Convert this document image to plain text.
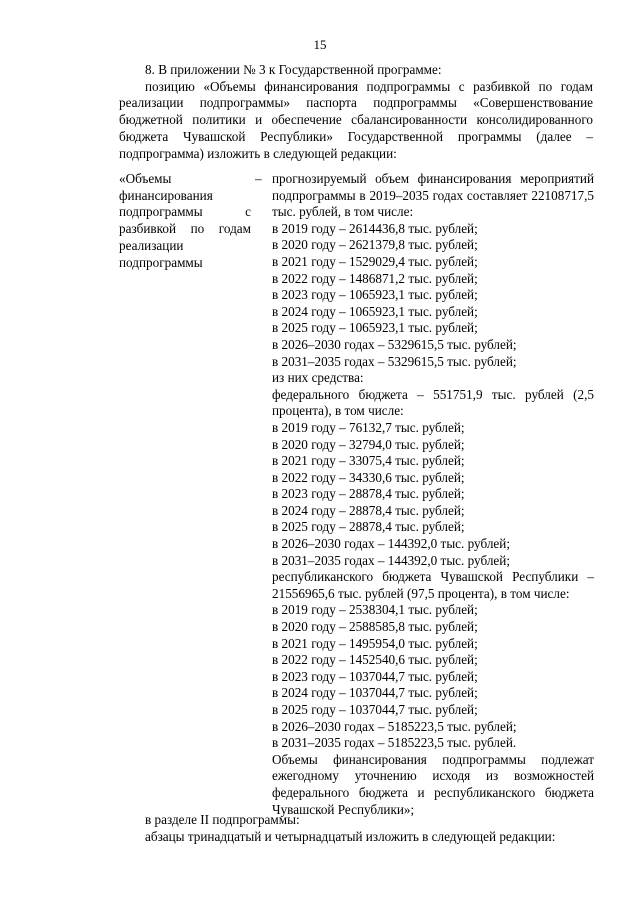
15

8. В приложении № 3 к Государственной программе:

позицию «Объемы финансирования подпрограммы с разбивкой по годам реализации подпрограммы» паспорта подпрограммы «Совершенствование бюджетной политики и обеспечение сбалансированности консолидированного бюджета Чувашской Республики» Государственной программы (далее – подпрограмма) изложить в следующей редакции:

«Объемы финансирования подпрограммы с разбивкой по годам реализации подпрограммы
– прогнозируемый объем финансирования мероприятий подпрограммы в 2019–2035 годах составляет 22108717,5 тыс. рублей, в том числе:
в 2019 году – 2614436,8 тыс. рублей;
в 2020 году – 2621379,8 тыс. рублей;
в 2021 году – 1529029,4 тыс. рублей;
в 2022 году – 1486871,2 тыс. рублей;
в 2023 году – 1065923,1 тыс. рублей;
в 2024 году – 1065923,1 тыс. рублей;
в 2025 году – 1065923,1 тыс. рублей;
в 2026–2030 годах – 5329615,5 тыс. рублей;
в 2031–2035 годах – 5329615,5 тыс. рублей;
из них средства:
федерального бюджета – 551751,9 тыс. рублей (2,5 процента), в том числе:
в 2019 году – 76132,7 тыс. рублей;
в 2020 году – 32794,0 тыс. рублей;
в 2021 году – 33075,4 тыс. рублей;
в 2022 году – 34330,6 тыс. рублей;
в 2023 году – 28878,4 тыс. рублей;
в 2024 году – 28878,4 тыс. рублей;
в 2025 году – 28878,4 тыс. рублей;
в 2026–2030 годах – 144392,0 тыс. рублей;
в 2031–2035 годах – 144392,0 тыс. рублей;
республиканского бюджета Чувашской Республики – 21556965,6 тыс. рублей (97,5 процента), в том числе:
в 2019 году – 2538304,1 тыс. рублей;
в 2020 году – 2588585,8 тыс. рублей;
в 2021 году – 1495954,0 тыс. рублей;
в 2022 году – 1452540,6 тыс. рублей;
в 2023 году – 1037044,7 тыс. рублей;
в 2024 году – 1037044,7 тыс. рублей;
в 2025 году – 1037044,7 тыс. рублей;
в 2026–2030 годах – 5185223,5 тыс. рублей;
в 2031–2035 годах – 5185223,5 тыс. рублей.
Объемы финансирования подпрограммы подлежат ежегодному уточнению исходя из возможностей федерального бюджета и республиканского бюджета Чувашской Республики»;

в разделе II подпрограммы:

абзацы тринадцатый и четырнадцатый изложить в следующей редакции:
